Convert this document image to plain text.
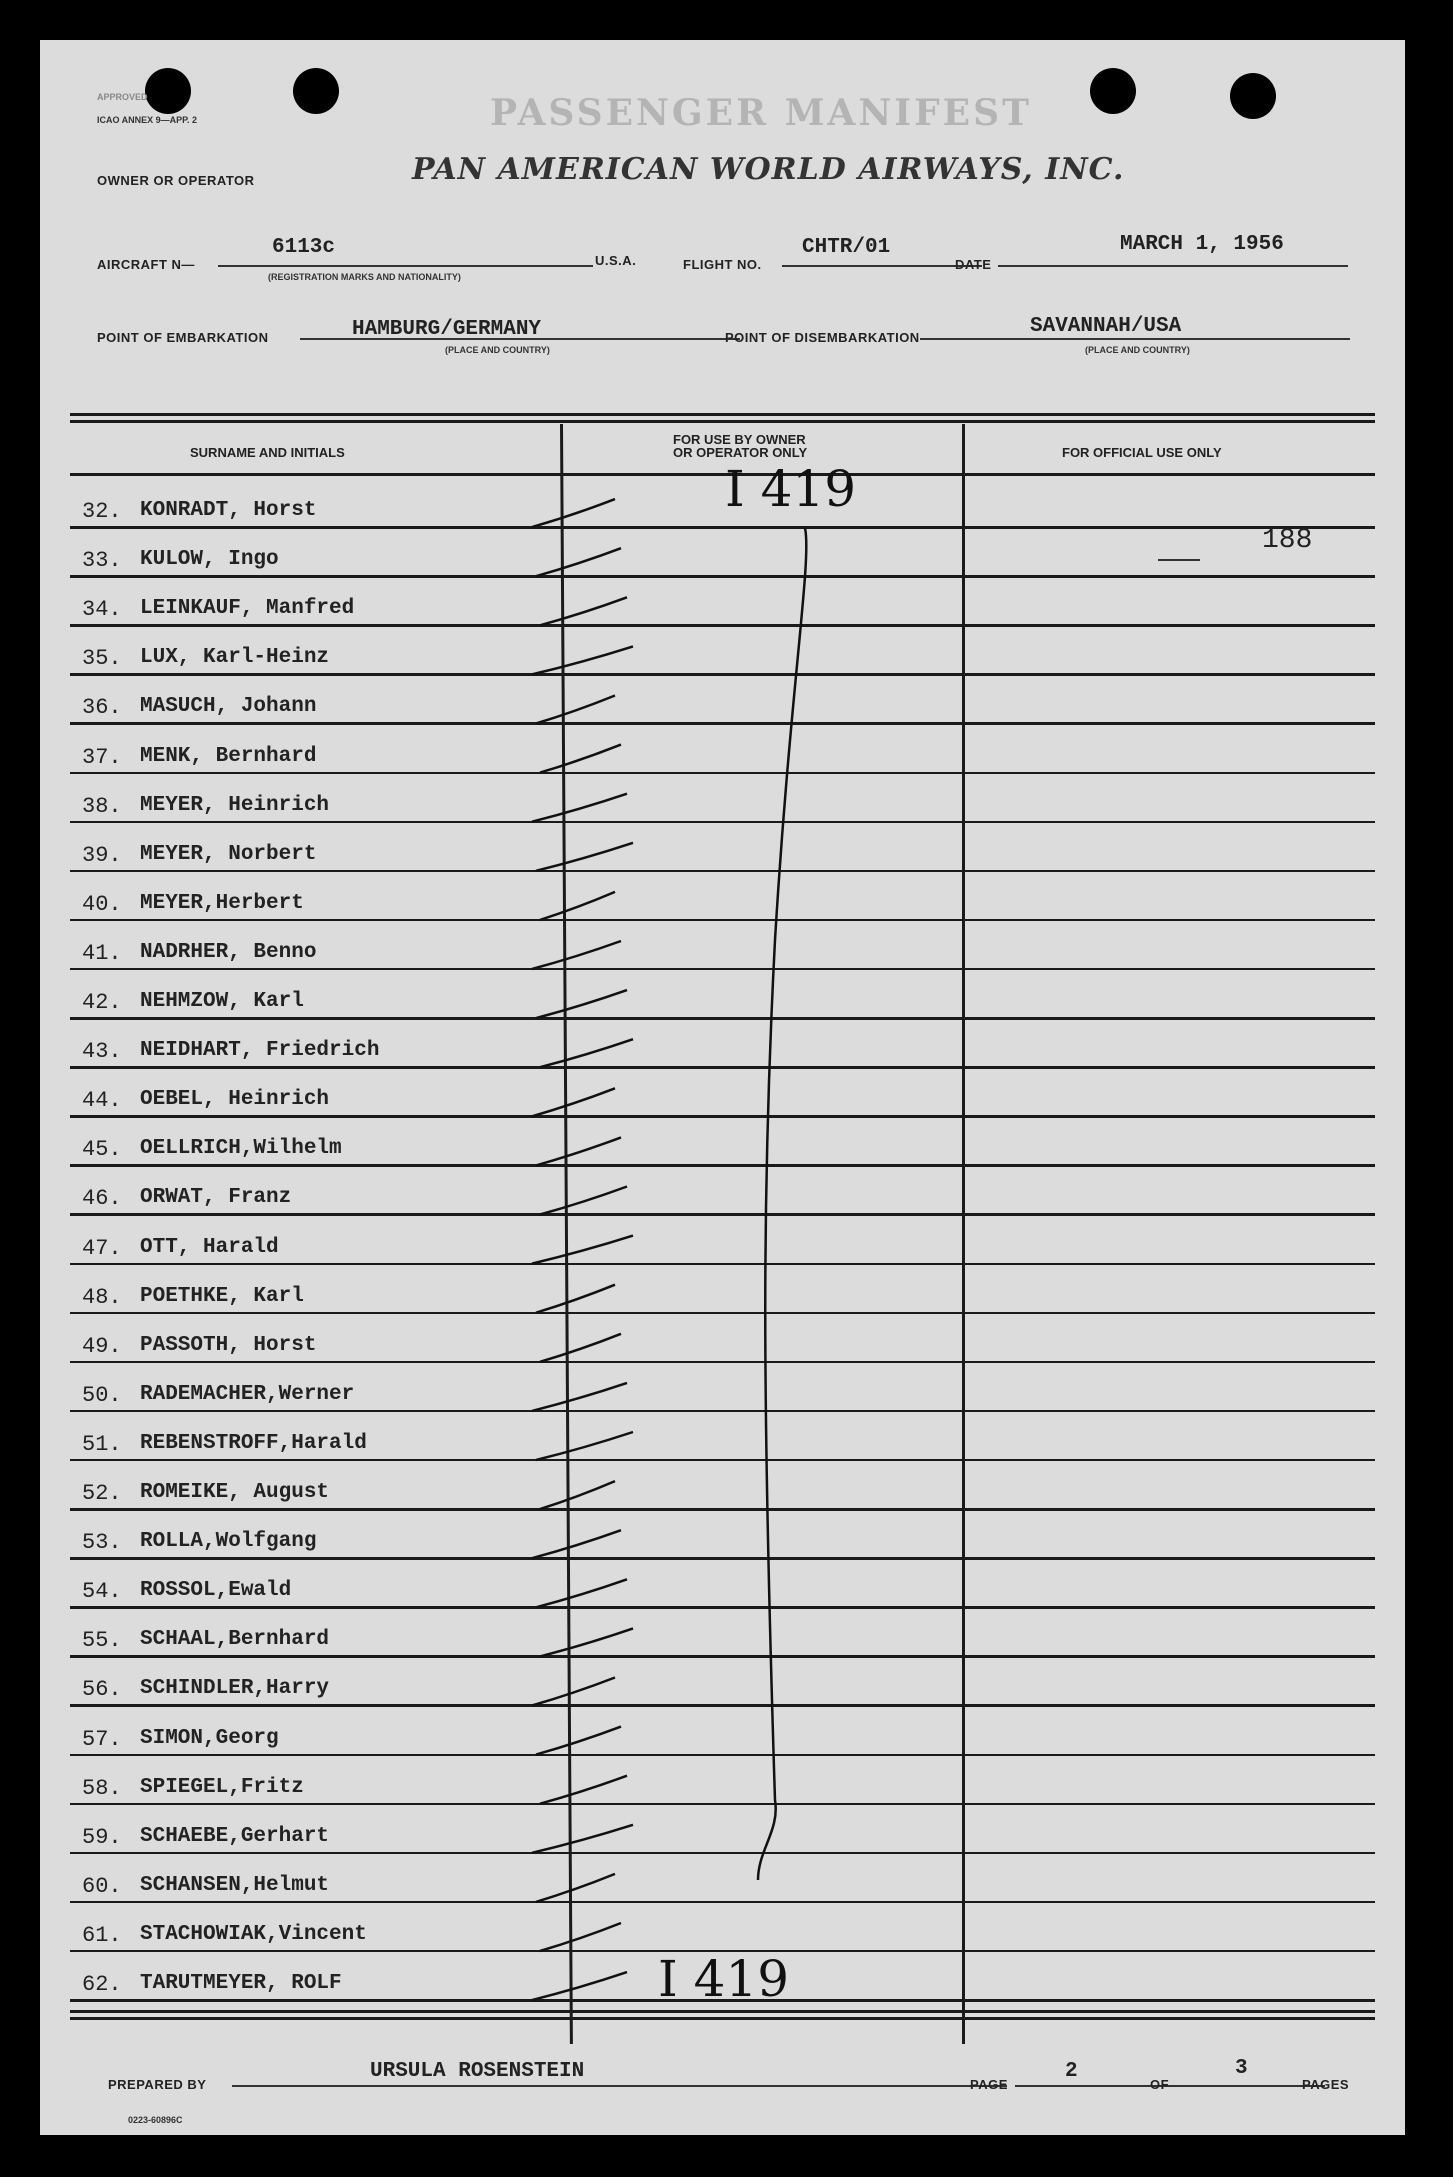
APPROVED
ICAO ANNEX 9—APP. 2	PASSENGER MANIFEST
OWNER OR OPERATOR	PAN AMERICAN WORLD AIRWAYS, INC.
AIRCRAFT N—
6113c
(REGISTRATION MARKS AND NATIONALITY)
U.S.A.	FLIGHT NO.
CHTR/01
DATE
MARCH 1, 1956
POINT OF EMBARKATION	HAMBURG/GERMANY
(PLACE AND COUNTRY)
POINT OF DISEMBARKATION	SAVANNAH/USA
(PLACE AND COUNTRY)
SURNAME AND INITIALS
FOR USE BY OWNER
OR OPERATOR ONLY	FOR OFFICIAL USE ONLY
32. KONRADT, Horst
33. KULOW, Ingo
34. LEINKAUF, Manfred
35. LUX, Karl-Heinz
36. MASUCH, Johann
37. MENK, Bernhard
38. MEYER, Heinrich
39. MEYER, Norbert
40. MEYER,Herbert
41. NADRHER, Benno
42. NEHMZOW, Karl
43. NEIDHART, Friedrich
44. OEBEL, Heinrich
45. OELLRICH,Wilhelm
46. ORWAT, Franz
47. OTT, Harald
48. POETHKE, Karl
49. PASSOTH, Horst
50. RADEMACHER,Werner
51. REBENSTROFF,Harald
52. ROMEIKE, August
53. ROLLA,Wolfgang
54. ROSSOL,Ewald
55. SCHAAL,Bernhard
56. SCHINDLER,Harry
57. SIMON,Georg
58. SPIEGEL,Fritz
59. SCHAEBE,Gerhart
60. SCHANSEN,Helmut
61. STACHOWIAK,Vincent
62. TARUTMEYER, ROLF
I 419
188
I 419
PREPARED BY
URSULA ROSENSTEIN
PAGE
2
OF
3
PAGES
0223-60896C
